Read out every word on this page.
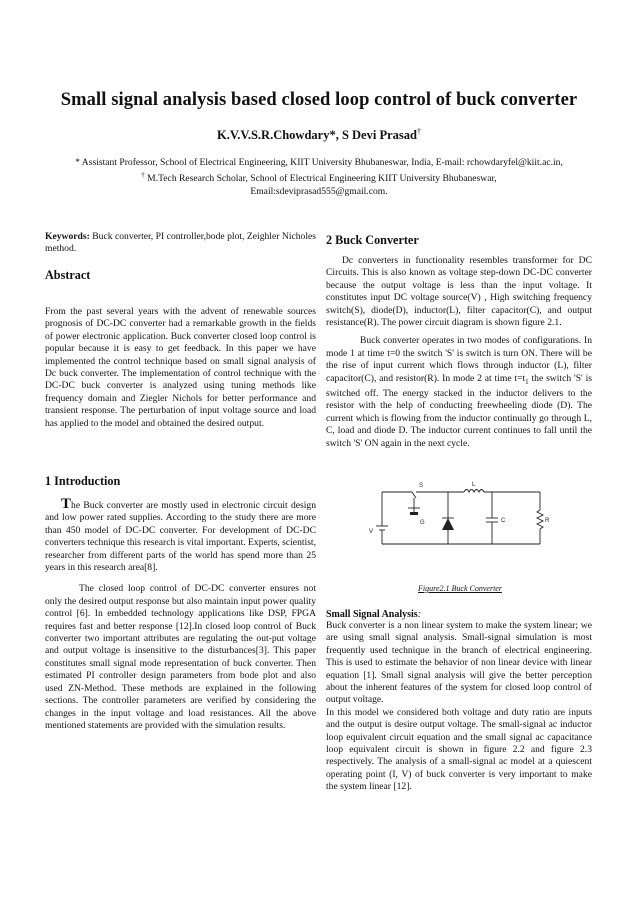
Small signal analysis based closed loop control of buck converter
K.V.V.S.R.Chowdary*, S Devi Prasad†
* Assistant Professor, School of Electrical Engineering, KIIT University Bhubaneswar, India, E-mail: rchowdaryfel@kiit.ac.in,
† M.Tech Research Scholar, School of Electrical Engineering KIIT University Bhubaneswar,
Email:sdeviprasad555@gmail.com.
Keywords: Buck converter, PI controller,bode plot, Zeighler Nicholes method.
Abstract
From the past several years with the advent of renewable sources prognosis of DC-DC converter had a remarkable growth in the fields of power electronic application. Buck converter closed loop control is popular because it is easy to get feedback. In this paper we have implemented the control technique based on small signal analysis of Dc buck converter. The implementation of control technique with the DC-DC buck converter is analyzed using tuning methods like frequency domain and Ziegler Nichols for better performance and transient response. The perturbation of input voltage source and load has applied to the model and obtained the desired output.
1 Introduction

The Buck converter are mostly used in electronic circuit design and low power rated supplies. According to the study there are more than 450 model of DC-DC converter. For development of DC-DC converters technique this research is vital important. Experts, scientist, researcher from different parts of the world has spend more than 25 years in this research area[8].

The closed loop control of DC-DC converter ensures not only the desired output response but also maintain input power quality control [6]. In embedded technology applications like DSP, FPGA requires fast and better response [12].In closed loop control of Buck converter two important attributes are regulating the out-put voltage and output voltage is insensitive to the disturbances[3]. This paper constitutes small signal mode representation of buck converter. Then estimated PI controller design parameters from bode plot and also used ZN-Method. These methods are explained in the following sections. The controller parameters are verified by considering the changes in the input voltage and load resistances. All the above mentioned statements are provided with the simulation results.

2 Buck Converter

Dc converters in functionality resembles transformer for DC Circuits. This is also known as voltage step-down DC-DC converter because the output voltage is less than the input voltage. It constitutes input DC voltage source(V) , High switching frequency switch(S), diode(D), inductor(L), filter capacitor(C), and output resistance(R). The power circuit diagram is shown figure 2.1.

Buck converter operates in two modes of configurations. In mode 1 at time t=0 the switch 'S' is switch is turn ON. There will be the rise of input current which flows through inductor (L), filter capacitor(C), and resistor(R). In mode 2 at time $t=t_1$ the switch 'S' is switched off. The energy stacked in the inductor delivers to the resistor with the help of conducting freewheeling diode (D). The current which is flowing from the inductor continually go through L, C, load and diode D. The inductor current continues to fall until the switch 'S' ON again in the next cycle.

S	L
V
G	C	R
Figure2.1 Buck Converter
Small Signal Analysis:

Buck converter is a non linear system to make the system linear; we are using small signal analysis. Small-signal simulation is most frequently used technique in the branch of electrical engineering. This is used to estimate the behavior of non linear device with linear equation [1]. Small signal analysis will give the better perception about the inherent features of the system for closed loop control of output voltage.

In this model we considered both voltage and duty ratio are inputs and the output is desire output voltage. The small-signal ac inductor loop equivalent circuit equation and the small signal ac capacitance loop equivalent circuit is shown in figure 2.2 and figure 2.3 respectively. The analysis of a small-signal ac model at a quiescent operating point (I, V) of buck converter is very important to make the system linear [12].
